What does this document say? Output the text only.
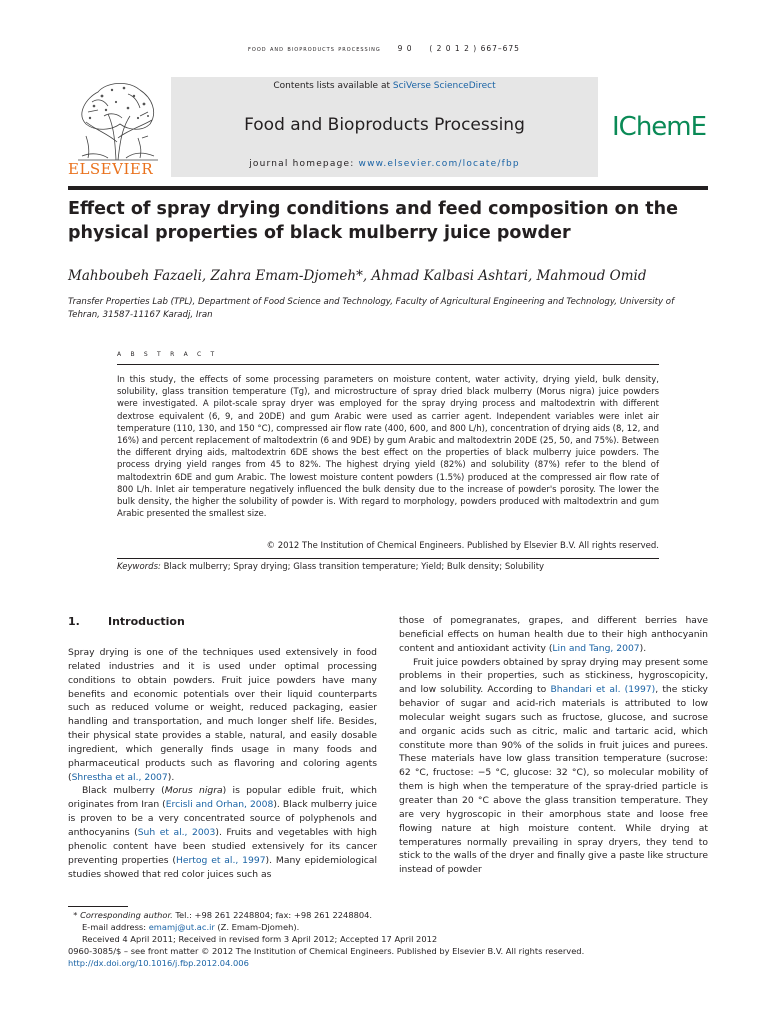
food and bioproducts processing 9 0 ( 2 0 1 2 ) 667–675
ELSEVIER
Contents lists available at SciVerse ScienceDirect
Food and Bioproducts Processing
journal homepage: www.elsevier.com/locate/fbp
IChemE
Effect of spray drying conditions and feed composition on the physical properties of black mulberry juice powder
Mahboubeh Fazaeli, Zahra Emam-Djomeh*, Ahmad Kalbasi Ashtari, Mahmoud Omid
Transfer Properties Lab (TPL), Department of Food Science and Technology, Faculty of Agricultural Engineering and Technology, University of Tehran, 31587-11167 Karadj, Iran
a b s t r a c t
In this study, the effects of some processing parameters on moisture content, water activity, drying yield, bulk density, solubility, glass transition temperature (Tg), and microstructure of spray dried black mulberry (Morus nigra) juice powders were investigated. A pilot-scale spray dryer was employed for the spray drying process and maltodextrin with different dextrose equivalent (6, 9, and 20DE) and gum Arabic were used as carrier agent. Independent variables were inlet air temperature (110, 130, and 150 °C), compressed air flow rate (400, 600, and 800 L/h), concentration of drying aids (8, 12, and 16%) and percent replacement of maltodextrin (6 and 9DE) by gum Arabic and maltodextrin 20DE (25, 50, and 75%). Between the different drying aids, maltodextrin 6DE shows the best effect on the properties of black mulberry juice powders. The process drying yield ranges from 45 to 82%. The highest drying yield (82%) and solubility (87%) refer to the blend of maltodextrin 6DE and gum Arabic. The lowest moisture content powders (1.5%) produced at the compressed air flow rate of 800 L/h. Inlet air temperature negatively influenced the bulk density due to the increase of powder's porosity. The lower the bulk density, the higher the solubility of powder is. With regard to morphology, powders produced with maltodextrin and gum Arabic presented the smallest size.
© 2012 The Institution of Chemical Engineers. Published by Elsevier B.V. All rights reserved.
Keywords: Black mulberry; Spray drying; Glass transition temperature; Yield; Bulk density; Solubility
1.	Introduction

Spray drying is one of the techniques used extensively in food related industries and it is used under optimal processing conditions to obtain powders. Fruit juice powders have many benefits and economic potentials over their liquid counterparts such as reduced volume or weight, reduced packaging, easier handling and transportation, and much longer shelf life. Besides, their physical state provides a stable, natural, and easily dosable ingredient, which generally finds usage in many foods and pharmaceutical products such as flavoring and coloring agents (Shrestha et al., 2007).

Black mulberry (Morus nigra) is popular edible fruit, which originates from Iran (Ercisli and Orhan, 2008). Black mulberry juice is proven to be a very concentrated source of polyphenols and anthocyanins (Suh et al., 2003). Fruits and vegetables with high phenolic content have been studied extensively for its cancer preventing properties (Hertog et al., 1997). Many epidemiological studies showed that red color juices such as

those of pomegranates, grapes, and different berries have beneficial effects on human health due to their high anthocyanin content and antioxidant activity (Lin and Tang, 2007).

Fruit juice powders obtained by spray drying may present some problems in their properties, such as stickiness, hygroscopicity, and low solubility. According to Bhandari et al. (1997), the sticky behavior of sugar and acid-rich materials is attributed to low molecular weight sugars such as fructose, glucose, and sucrose and organic acids such as citric, malic and tartaric acid, which constitute more than 90% of the solids in fruit juices and purees. These materials have low glass transition temperature (sucrose: 62 °C, fructose: −5 °C, glucose: 32 °C), so molecular mobility of them is high when the temperature of the spray-dried particle is greater than 20 °C above the glass transition temperature. They are very hygroscopic in their amorphous state and loose free flowing nature at high moisture content. While drying at temperatures normally prevailing in spray dryers, they tend to stick to the walls of the dryer and finally give a paste like structure instead of powder

* Corresponding author. Tel.: +98 261 2248804; fax: +98 261 2248804.
E-mail address: emamj@ut.ac.ir (Z. Emam-Djomeh).
Received 4 April 2011; Received in revised form 3 April 2012; Accepted 17 April 2012
0960-3085/$ – see front matter © 2012 The Institution of Chemical Engineers. Published by Elsevier B.V. All rights reserved.
http://dx.doi.org/10.1016/j.fbp.2012.04.006
